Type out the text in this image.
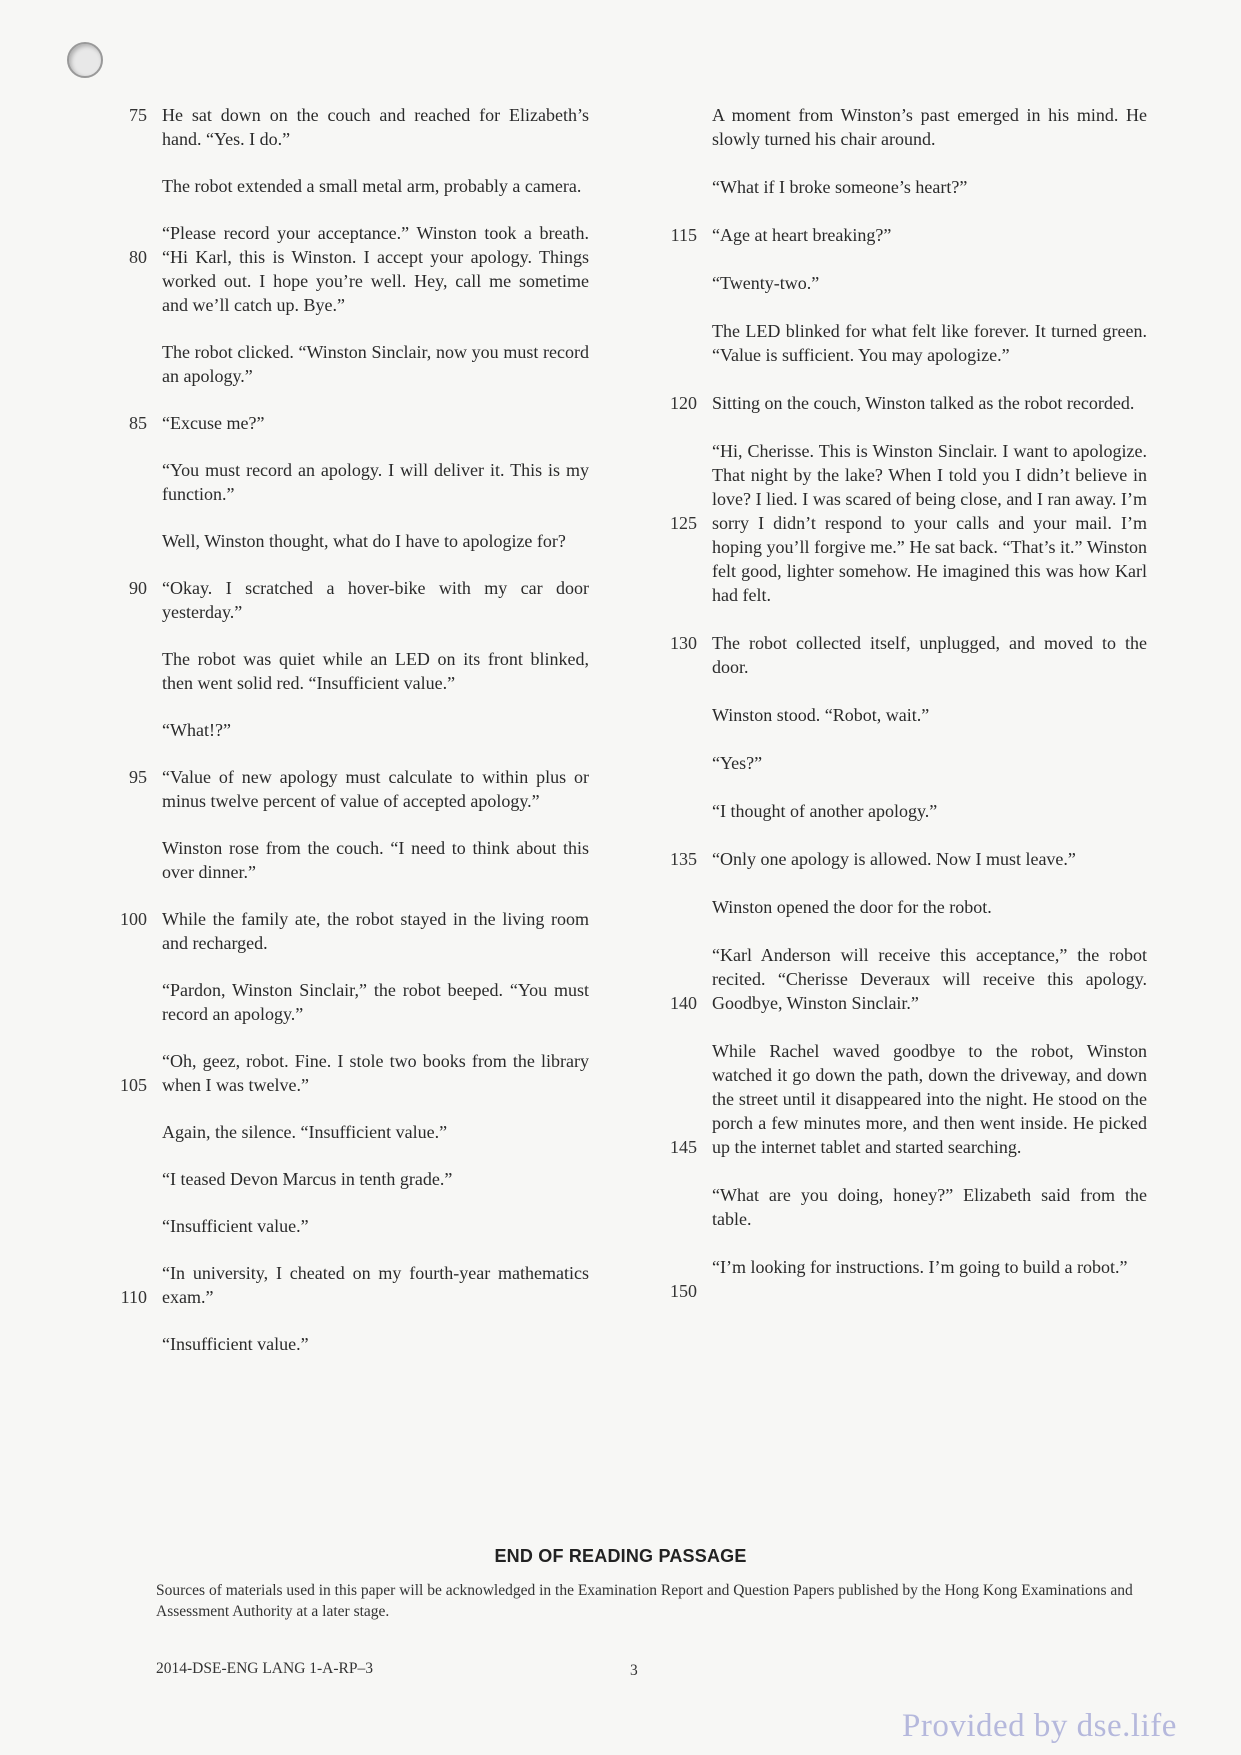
75 He sat down on the couch and reached for Elizabeth’s hand. “Yes. I do.”

The robot extended a small metal arm, probably a camera.

80
“Please record your acceptance.” Winston took a breath. “Hi Karl, this is Winston. I accept your apology. Things worked out. I hope you’re well. Hey, call me sometime and we’ll catch up. Bye.”

The robot clicked. “Winston Sinclair, now you must record an apology.”

85 “Excuse me?”

“You must record an apology. I will deliver it. This is my function.”

Well, Winston thought, what do I have to apologize for?

90 “Okay. I scratched a hover-bike with my car door yesterday.”

The robot was quiet while an LED on its front blinked, then went solid red. “Insufficient value.”

“What!?”

95 “Value of new apology must calculate to within plus or minus twelve percent of value of accepted apology.”

Winston rose from the couch. “I need to think about this over dinner.”

100 While the family ate, the robot stayed in the living room and recharged.

“Pardon, Winston Sinclair,” the robot beeped. “You must record an apology.”

105
“Oh, geez, robot. Fine. I stole two books from the library when I was twelve.”

Again, the silence. “Insufficient value.”

“I teased Devon Marcus in tenth grade.”

“Insufficient value.”

110
“In university, I cheated on my fourth-year mathematics exam.”

“Insufficient value.”

A moment from Winston’s past emerged in his mind. He slowly turned his chair around.

“What if I broke someone’s heart?”

115 “Age at heart breaking?”

“Twenty-two.”

The LED blinked for what felt like forever. It turned green. “Value is sufficient. You may apologize.”

120 Sitting on the couch, Winston talked as the robot recorded.

125
“Hi, Cherisse. This is Winston Sinclair. I want to apologize. That night by the lake? When I told you I didn’t believe in love? I lied. I was scared of being close, and I ran away. I’m sorry I didn’t respond to your calls and your mail. I’m hoping you’ll forgive me.” He sat back. “That’s it.” Winston felt good, lighter somehow. He imagined this was how Karl had felt.

130 The robot collected itself, unplugged, and moved to the door.

Winston stood. “Robot, wait.”

“Yes?”

“I thought of another apology.”

135 “Only one apology is allowed. Now I must leave.”

Winston opened the door for the robot.

140
“Karl Anderson will receive this acceptance,” the robot recited. “Cherisse Deveraux will receive this apology. Goodbye, Winston Sinclair.”

145
While Rachel waved goodbye to the robot, Winston watched it go down the path, down the driveway, and down the street until it disappeared into the night. He stood on the porch a few minutes more, and then went inside. He picked up the internet tablet and started searching.

“What are you doing, honey?” Elizabeth said from the table.

150
“I’m looking for instructions. I’m going to build a robot.”

END OF READING PASSAGE
Sources of materials used in this paper will be acknowledged in the Examination Report and Question Papers published by the Hong Kong Examinations and Assessment Authority at a later stage.
2014-DSE-ENG LANG 1-A-RP–3	3
Provided by dse.life
